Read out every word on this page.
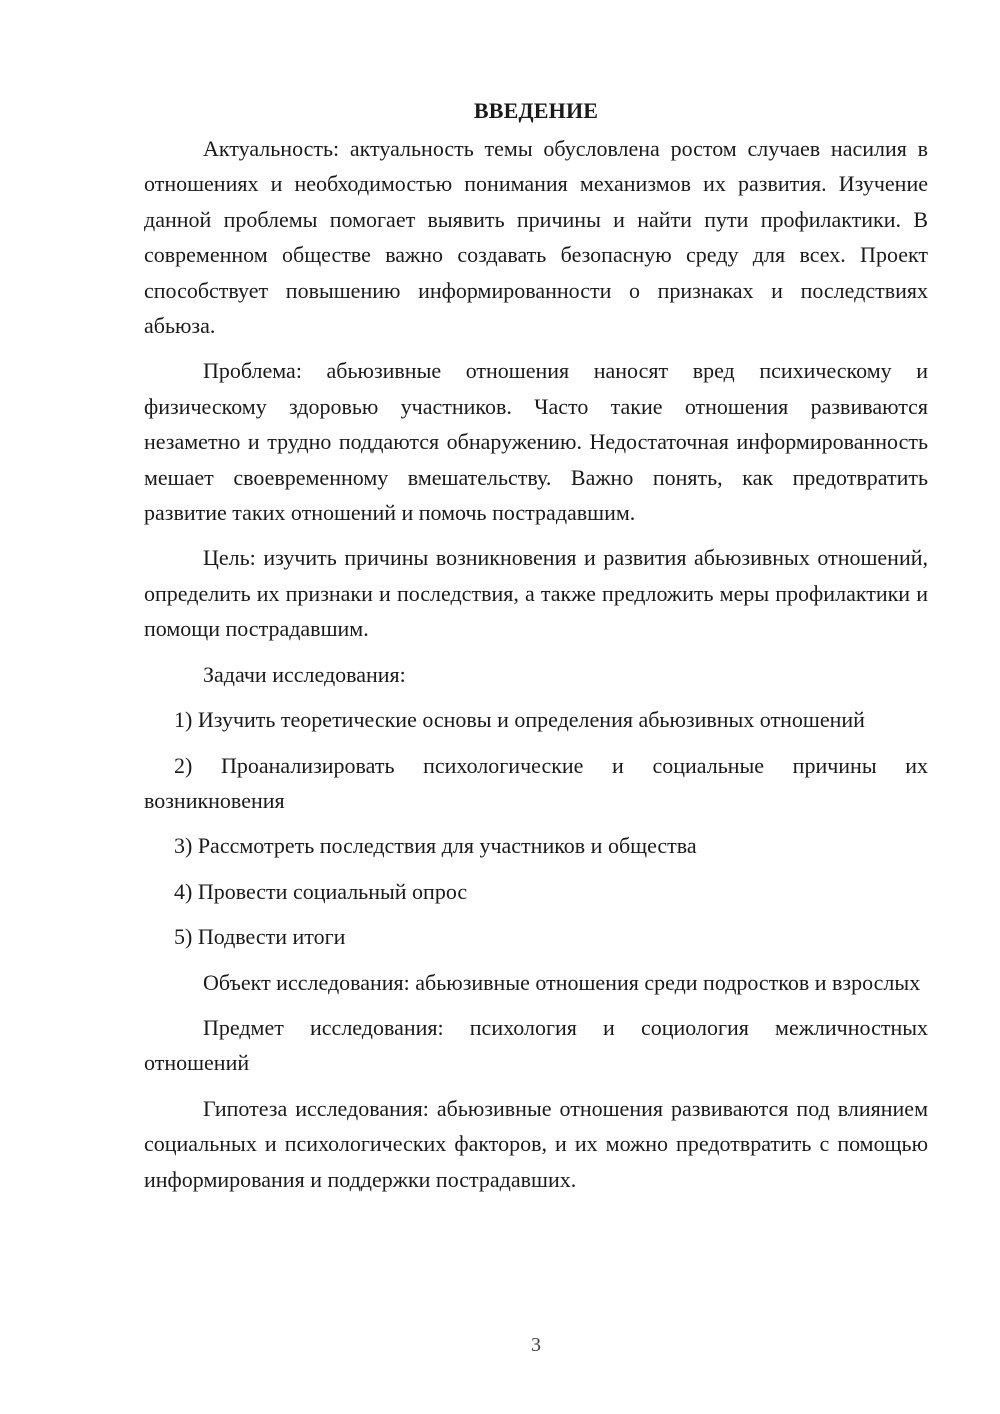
ВВЕДЕНИЕ

Актуальность: актуальность темы обусловлена ростом случаев насилия в отношениях и необходимостью понимания механизмов их развития. Изучение данной проблемы помогает выявить причины и найти пути профилактики. В современном обществе важно создавать безопасную среду для всех. Проект способствует повышению информированности о признаках и последствиях абьюза.

Проблема: абьюзивные отношения наносят вред психическому и физическому здоровью участников. Часто такие отношения развиваются незаметно и трудно поддаются обнаружению. Недостаточная информированность мешает своевременному вмешательству. Важно понять, как предотвратить развитие таких отношений и помочь пострадавшим.

Цель: изучить причины возникновения и развития абьюзивных отношений, определить их признаки и последствия, а также предложить меры профилактики и помощи пострадавшим.

Задачи исследования:

1) Изучить теоретические основы и определения абьюзивных отношений

2) Проанализировать психологические и социальные причины их возникновения

3) Рассмотреть последствия для участников и общества

4) Провести социальный опрос

5) Подвести итоги

Объект исследования: абьюзивные отношения среди подростков и взрослых

Предмет исследования: психология и социология межличностных отношений

Гипотеза исследования: абьюзивные отношения развиваются под влиянием социальных и психологических факторов, и их можно предотвратить с помощью информирования и поддержки пострадавших.

3
